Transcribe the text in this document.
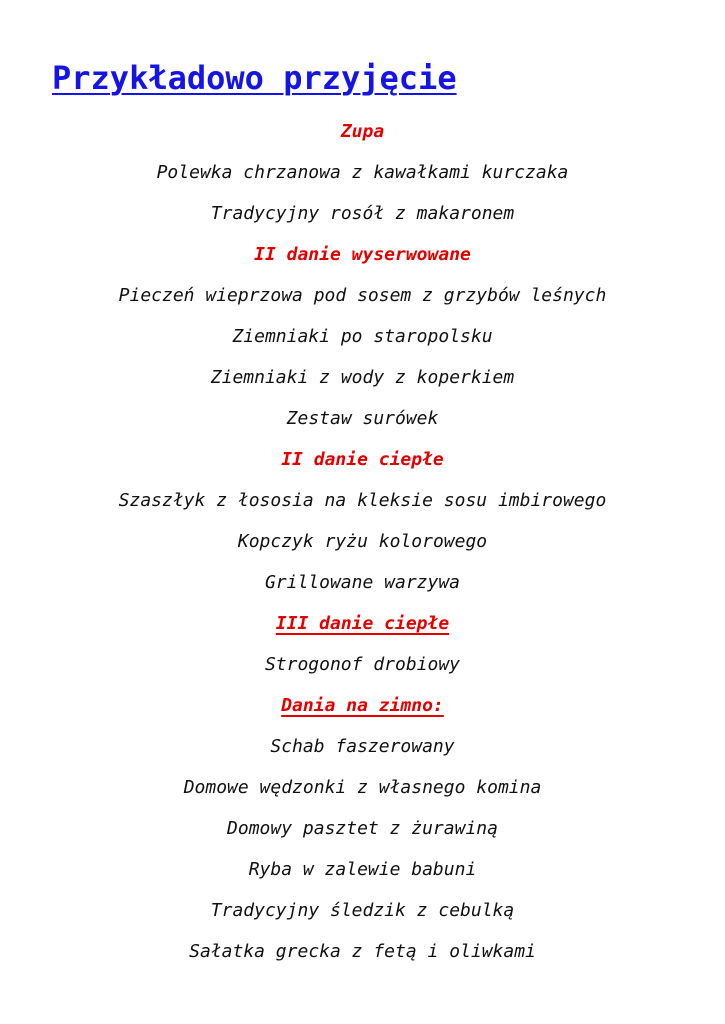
Przykładowo przyjęcie
Zupa
Polewka chrzanowa z kawałkami kurczaka
Tradycyjny rosół z makaronem
II danie wyserwowane
Pieczeń wieprzowa pod sosem z grzybów leśnych
Ziemniaki po staropolsku
Ziemniaki z wody z koperkiem
Zestaw surówek
II danie ciepłe
Szaszłyk z łososia na kleksie sosu imbirowego
Kopczyk ryżu kolorowego
Grillowane warzywa
III danie ciepłe
Strogonof drobiowy
Dania na zimno:
Schab faszerowany
Domowe wędzonki z własnego komina
Domowy pasztet z żurawiną
Ryba w zalewie babuni
Tradycyjny śledzik z cebulką
Sałatka grecka z fetą i oliwkami
